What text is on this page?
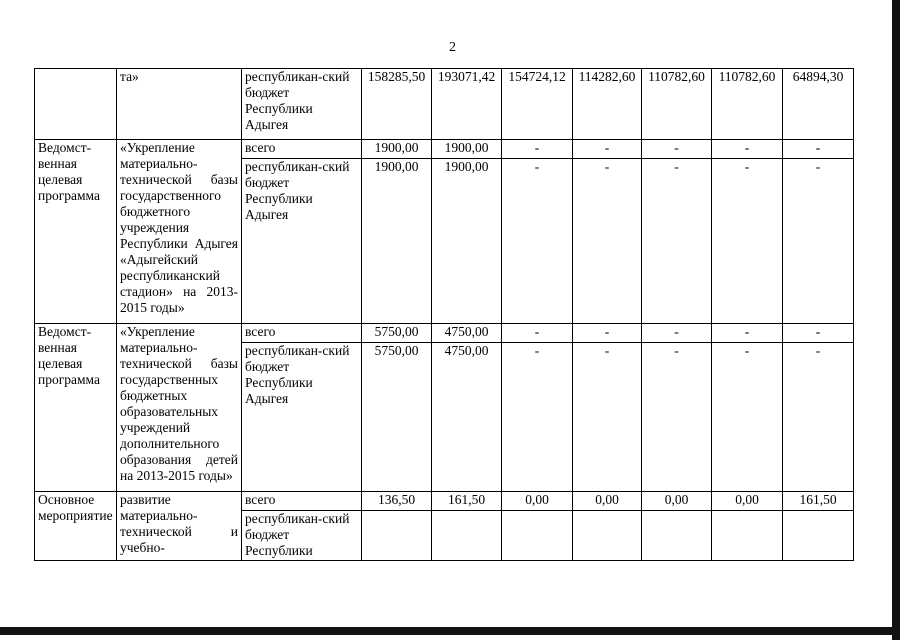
2
	та»	республикан-ский бюджет Республики Адыгея	158285,50	193071,42	154724,12	114282,60	110782,60	110782,60	64894,30
Ведомст-венная целевая программа	«Укрепление материально-технической базы государственного бюджетного учреждения Республики Адыгея «Адыгейский республиканский стадион» на 2013-2015 годы»	всего	1900,00	1900,00	-	-	-	-	-
		республикан-ский бюджет Республики Адыгея	1900,00	1900,00	-	-	-	-	-
Ведомст-венная целевая программа	«Укрепление материально-технической базы государственных бюджетных образовательных учреждений дополнительного образования детей на 2013-2015 годы»	всего	5750,00	4750,00	-	-	-	-	-
		республикан-ский бюджет Республики Адыгея	5750,00	4750,00	-	-	-	-	-
Основное мероприятие	развитие материально-технической и учебно-	всего	136,50	161,50	0,00	0,00	0,00	0,00	161,50
		республикан-ский бюджет Республики							
